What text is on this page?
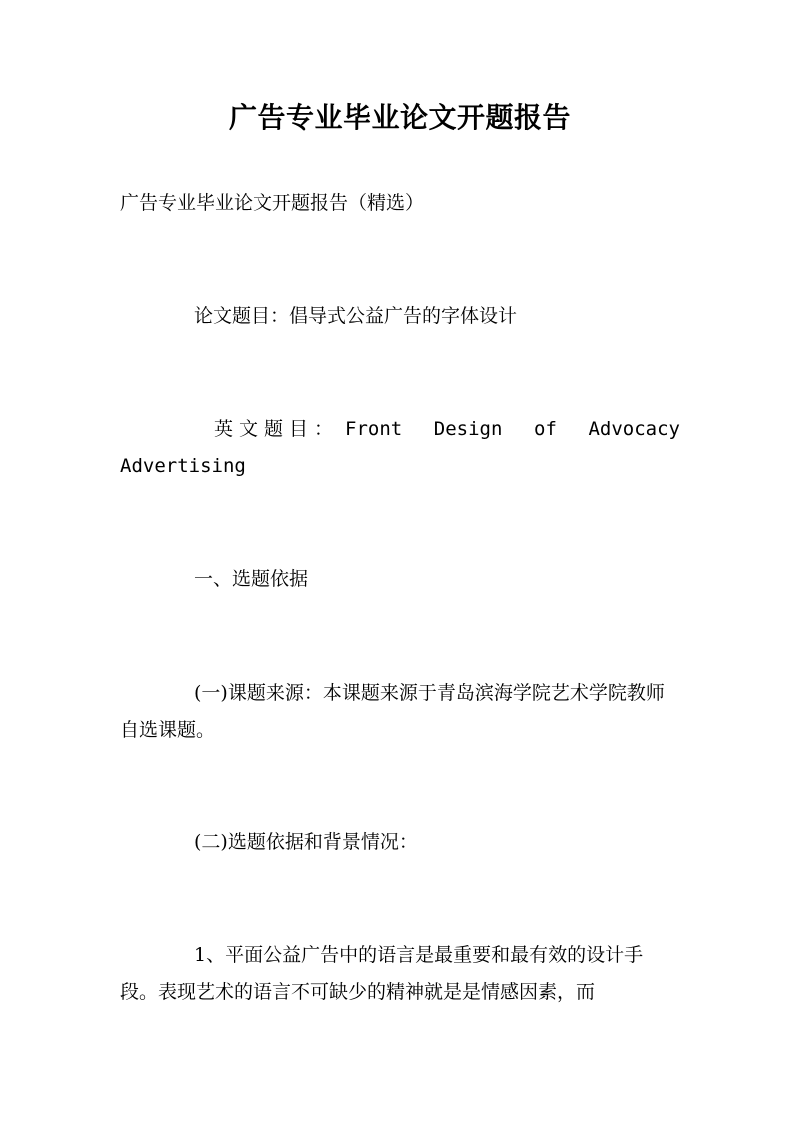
广告专业毕业论文开题报告

广告专业毕业论文开题报告（精选）

论文题目：倡导式公益广告的字体设计

英文题目： Front Design of Advocacy Advertising

一、选题依据

(一)课题来源：本课题来源于青岛滨海学院艺术学院教师自选课题。

(二)选题依据和背景情况：

1、平面公益广告中的语言是最重要和最有效的设计手段。表现艺术的语言不可缺少的精神就是是情感因素，而
